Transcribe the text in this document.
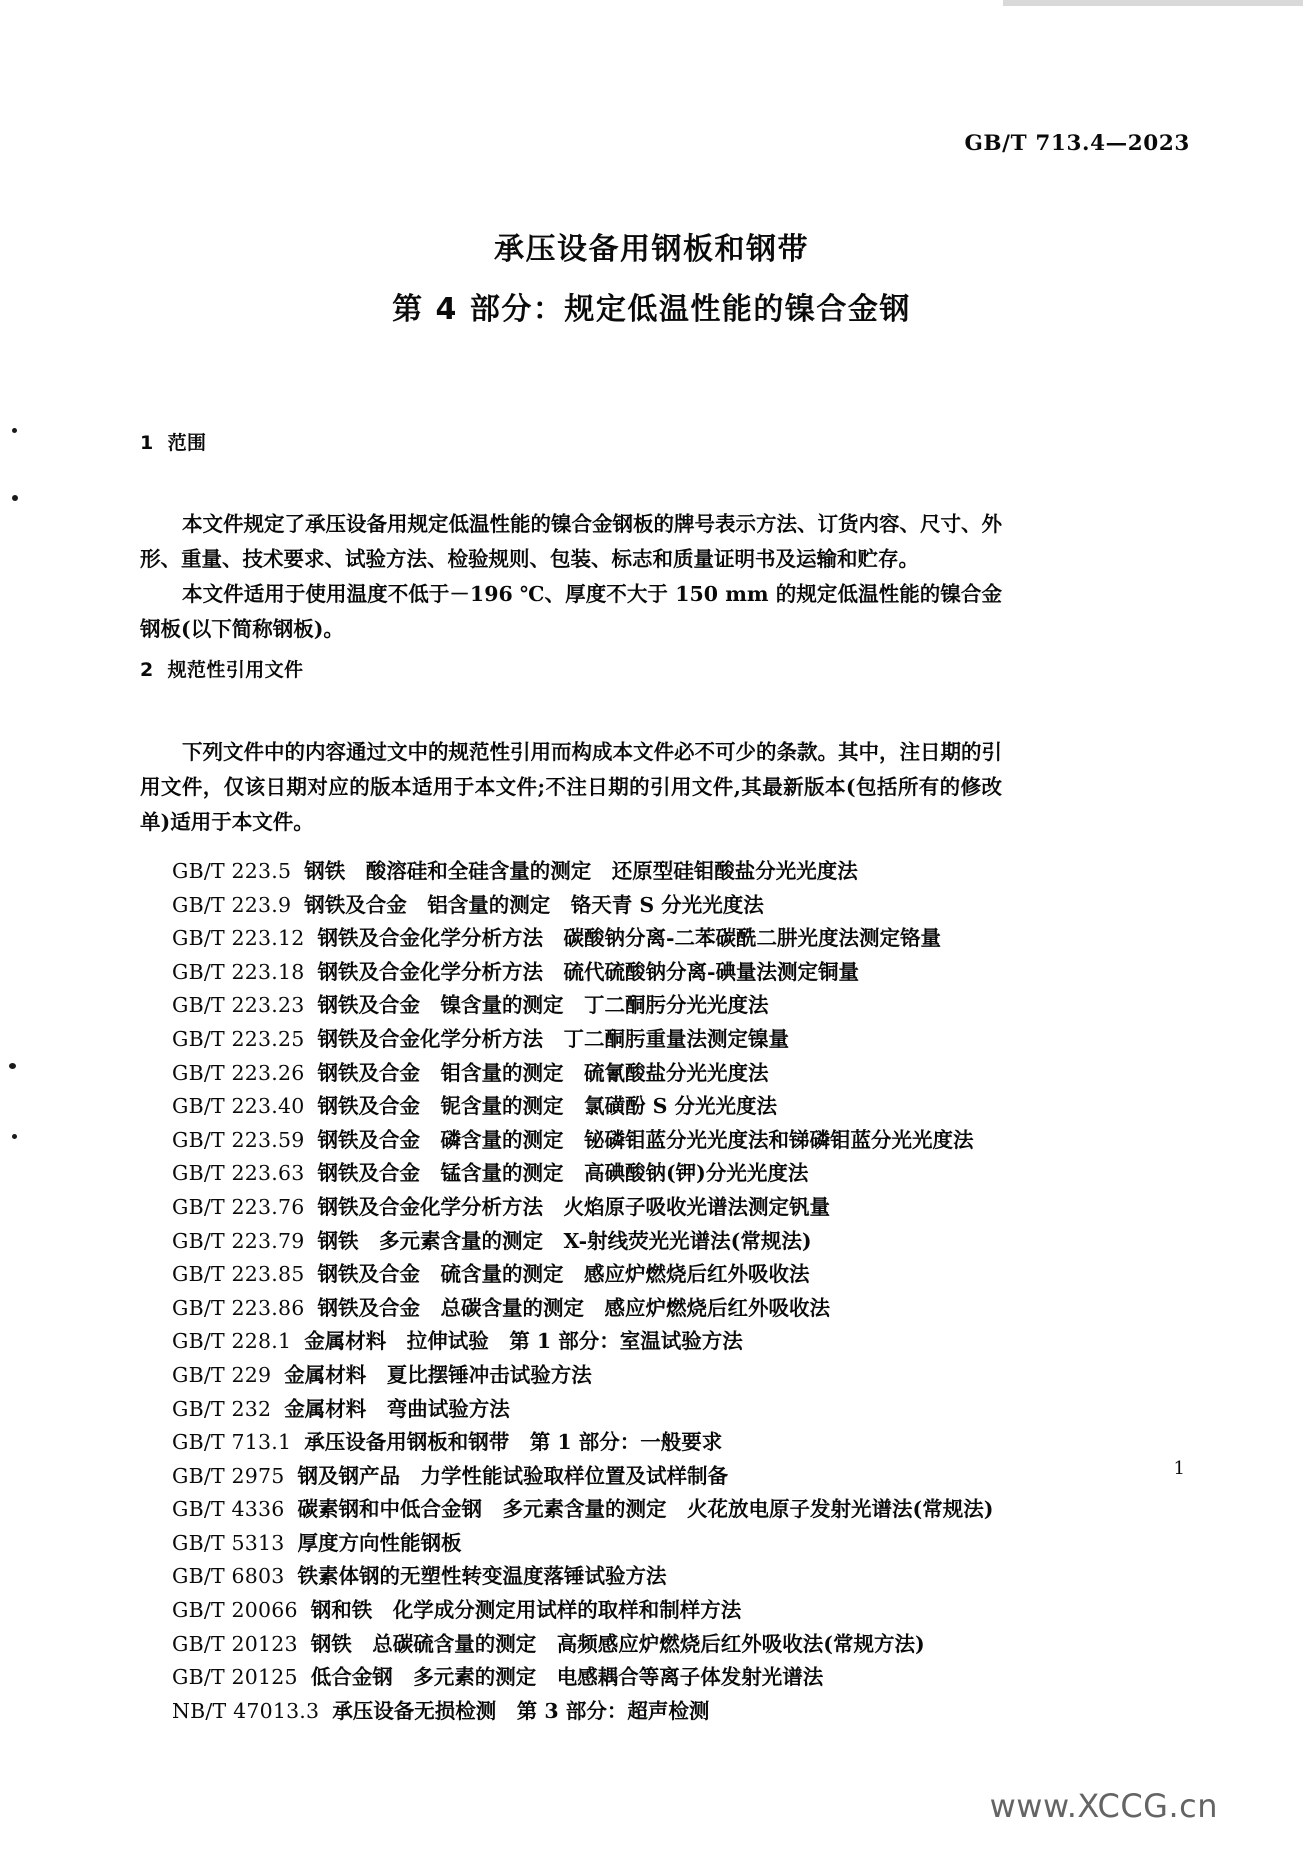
GB/T 713.4—2023
承压设备用钢板和钢带
第 4 部分：规定低温性能的镍合金钢
1 范围
本文件规定了承压设备用规定低温性能的镍合金钢板的牌号表示方法、订货内容、尺寸、外形、重量、技术要求、试验方法、检验规则、包装、标志和质量证明书及运输和贮存。
本文件适用于使用温度不低于－196 ℃、厚度不大于 150 mm 的规定低温性能的镍合金钢板(以下简称钢板)。
2 规范性引用文件
下列文件中的内容通过文中的规范性引用而构成本文件必不可少的条款。其中，注日期的引用文件，仅该日期对应的版本适用于本文件;不注日期的引用文件,其最新版本(包括所有的修改单)适用于本文件。
GB/T 223.5 钢铁　酸溶硅和全硅含量的测定　还原型硅钼酸盐分光光度法
GB/T 223.9 钢铁及合金　铝含量的测定　铬天青 S 分光光度法
GB/T 223.12 钢铁及合金化学分析方法　碳酸钠分离-二苯碳酰二肼光度法测定铬量
GB/T 223.18 钢铁及合金化学分析方法　硫代硫酸钠分离-碘量法测定铜量
GB/T 223.23 钢铁及合金　镍含量的测定　丁二酮肟分光光度法
GB/T 223.25 钢铁及合金化学分析方法　丁二酮肟重量法测定镍量
GB/T 223.26 钢铁及合金　钼含量的测定　硫氰酸盐分光光度法
GB/T 223.40 钢铁及合金　铌含量的测定　氯磺酚 S 分光光度法
GB/T 223.59 钢铁及合金　磷含量的测定　铋磷钼蓝分光光度法和锑磷钼蓝分光光度法
GB/T 223.63 钢铁及合金　锰含量的测定　高碘酸钠(钾)分光光度法
GB/T 223.76 钢铁及合金化学分析方法　火焰原子吸收光谱法测定钒量
GB/T 223.79 钢铁　多元素含量的测定　X-射线荧光光谱法(常规法)
GB/T 223.85 钢铁及合金　硫含量的测定　感应炉燃烧后红外吸收法
GB/T 223.86 钢铁及合金　总碳含量的测定　感应炉燃烧后红外吸收法
GB/T 228.1 金属材料　拉伸试验　第 1 部分：室温试验方法
GB/T 229 金属材料　夏比摆锤冲击试验方法
GB/T 232 金属材料　弯曲试验方法
GB/T 713.1 承压设备用钢板和钢带　第 1 部分：一般要求
GB/T 2975 钢及钢产品　力学性能试验取样位置及试样制备
GB/T 4336 碳素钢和中低合金钢　多元素含量的测定　火花放电原子发射光谱法(常规法)
GB/T 5313 厚度方向性能钢板
GB/T 6803 铁素体钢的无塑性转变温度落锤试验方法
GB/T 20066 钢和铁　化学成分测定用试样的取样和制样方法
GB/T 20123 钢铁　总碳硫含量的测定　高频感应炉燃烧后红外吸收法(常规方法)
GB/T 20125 低合金钢　多元素的测定　电感耦合等离子体发射光谱法
NB/T 47013.3 承压设备无损检测　第 3 部分：超声检测
1
www.XCCG.cn
